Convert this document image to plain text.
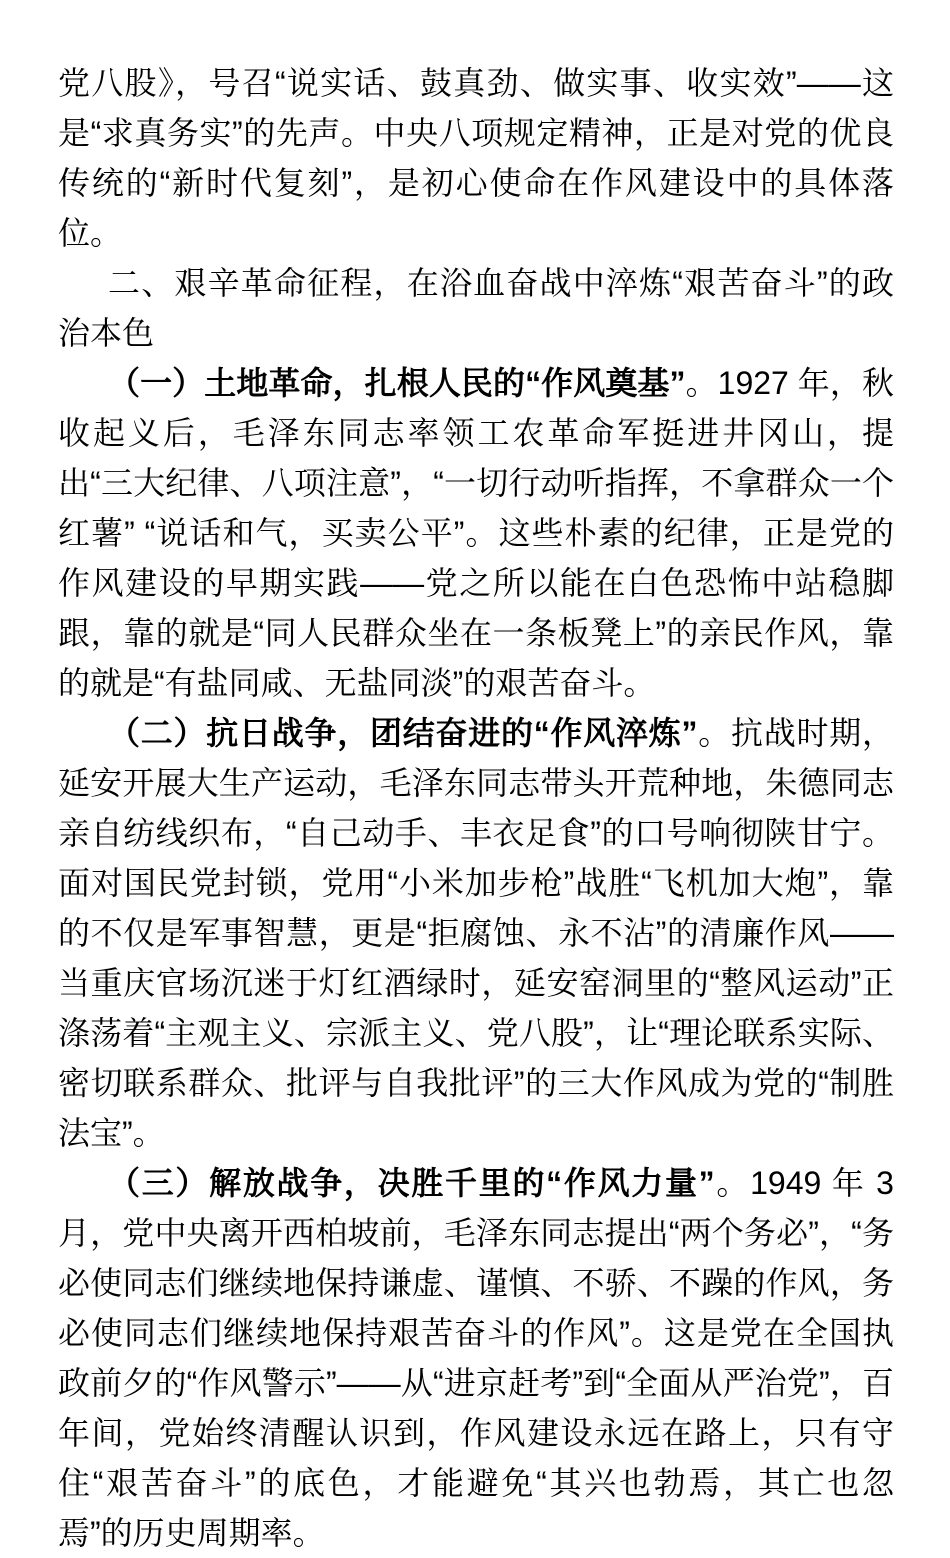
党八股》，号召“说实话、鼓真劲、做实事、收实效”——这是“求真务实”的先声。中央八项规定精神，正是对党的优良传统的“新时代复刻”，是初心使命在作风建设中的具体落位。

二、艰辛革命征程，在浴血奋战中淬炼“艰苦奋斗”的政治本色

（一）土地革命，扎根人民的“作风奠基”。1927 年，秋收起义后，毛泽东同志率领工农革命军挺进井冈山，提出“三大纪律、八项注意”，“一切行动听指挥，不拿群众一个红薯” “说话和气，买卖公平”。这些朴素的纪律，正是党的作风建设的早期实践——党之所以能在白色恐怖中站稳脚跟，靠的就是“同人民群众坐在一条板凳上”的亲民作风，靠的就是“有盐同咸、无盐同淡”的艰苦奋斗。

（二）抗日战争，团结奋进的“作风淬炼”。抗战时期，延安开展大生产运动，毛泽东同志带头开荒种地，朱德同志亲自纺线织布，“自己动手、丰衣足食”的口号响彻陕甘宁。面对国民党封锁，党用“小米加步枪”战胜“飞机加大炮”，靠的不仅是军事智慧，更是“拒腐蚀、永不沾”的清廉作风——当重庆官场沉迷于灯红酒绿时，延安窑洞里的“整风运动”正涤荡着“主观主义、宗派主义、党八股”，让“理论联系实际、密切联系群众、批评与自我批评”的三大作风成为党的“制胜法宝”。

（三）解放战争，决胜千里的“作风力量”。1949 年 3 月，党中央离开西柏坡前，毛泽东同志提出“两个务必”，“务必使同志们继续地保持谦虚、谨慎、不骄、不躁的作风，务必使同志们继续地保持艰苦奋斗的作风”。这是党在全国执政前夕的“作风警示”——从“进京赶考”到“全面从严治党”，百年间，党始终清醒认识到，作风建设永远在路上，只有守住“艰苦奋斗”的底色，才能避免“其兴也勃焉，其亡也忽焉”的历史周期率。
